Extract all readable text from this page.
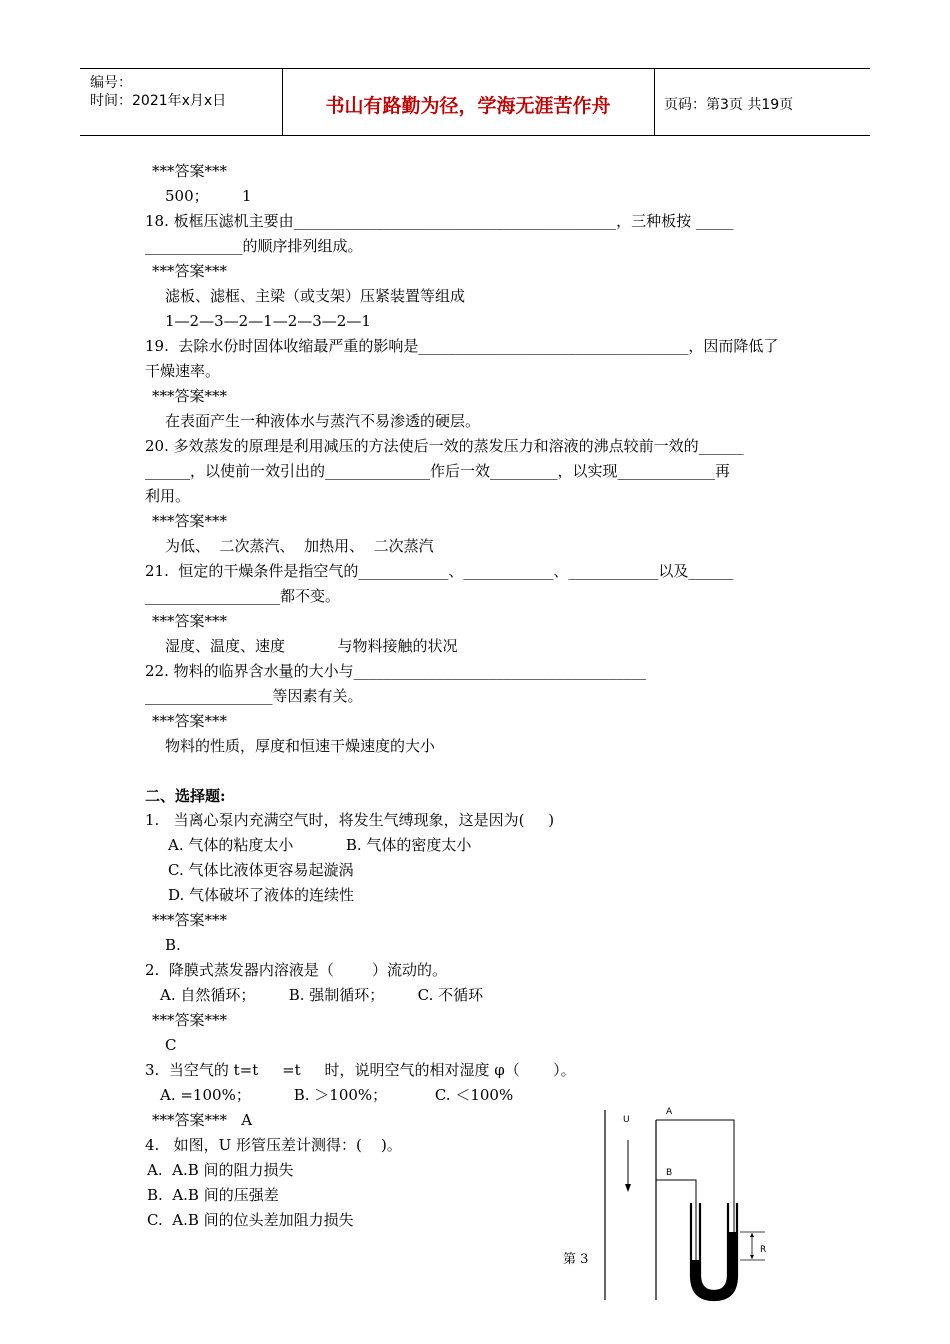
编号：
时间：2021年x月x日	书山有路勤为径，学海无涯苦作舟	页码：第3页 共19页
***答案***
500；       1
18. 板框压滤机主要由___________________________________________，三种板按 _____
_____________的顺序排列组成。
***答案***
滤板、滤框、主梁（或支架）压紧装置等组成
1—2—3—2—1—2—3—2—1
19.  去除水份时固体收缩最严重的影响是____________________________________，因而降低了
干燥速率。
***答案***
在表面产生一种液体水与蒸汽不易渗透的硬层。
20. 多效蒸发的原理是利用减压的方法使后一效的蒸发压力和溶液的沸点较前一效的______
______，以使前一效引出的______________作后一效_________，以实现_____________再
利用。
***答案***
为低、  二次蒸汽、  加热用、  二次蒸汽
21.  恒定的干燥条件是指空气的____________、____________、____________以及______
__________________都不变。
***答案***
湿度、温度、速度           与物料接触的状况
22. 物料的临界含水量的大小与_______________________________________
_________________等因素有关。
***答案***
物料的性质，厚度和恒速干燥速度的大小
二、选择题:
1.   当离心泵内充满空气时，将发生气缚现象，这是因为(     )
A. 气体的粘度太小           B. 气体的密度太小
C. 气体比液体更容易起漩涡
D. 气体破坏了液体的连续性
***答案***
B.
2.  降膜式蒸发器内溶液是（        ）流动的。
A. 自然循环；       B. 强制循环；       C. 不循环
***答案***
C
3.  当空气的 t=t     =t     时，说明空气的相对湿度 φ（       ）。
A. =100%；         B. ＞100%；          C. ＜100%
***答案***   A
4.   如图，U 形管压差计测得：(    )。
A.  A.B 间的阻力损失
B.  A.B 间的压强差
C.  A.B 间的位头差加阻力损失
U
A
B
R
第 3
